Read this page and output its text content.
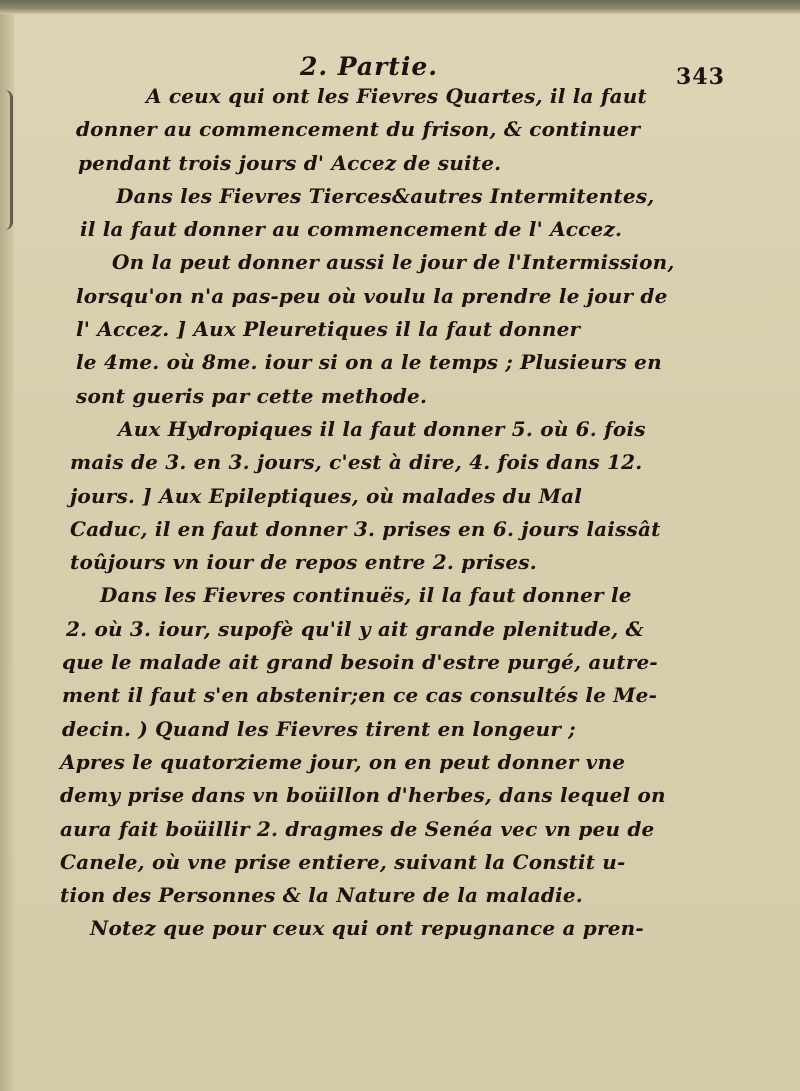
2. Partie.	343
A ceux qui ont les Fievres Quartes, il la faut
donner au commencement du frison, & continuer
pendant trois jours d' Accez de suite.
Dans les Fievres Tierces&autres Intermitentes,
il la faut donner au commencement de l' Accez.
On la peut donner aussi le jour de l'Intermission,
lorsqu'on n'a pas-peu où voulu la prendre le jour de
l' Accez. ] Aux Pleuretiques il la faut donner
le 4me. où 8me. iour si on a le temps ; Plusieurs en
sont gueris par cette methode.
Aux Hydropiques il la faut donner 5. où 6. fois
mais de 3. en 3. jours, c'est à dire, 4. fois dans 12.
jours. ] Aux Epileptiques, où malades du Mal
Caduc, il en faut donner 3. prises en 6. jours laissât
toûjours vn iour de repos entre 2. prises.
Dans les Fievres continuës, il la faut donner le
2. où 3. iour, supofè qu'il y ait grande plenitude, &
que le malade ait grand besoin d'estre purgé, autre-
ment il faut s'en abstenir;en ce cas consultés le Me-
decin. ) Quand les Fievres tirent en longeur ;
Apres le quatorzieme jour, on en peut donner vne
demy prise dans vn boüillon d'herbes, dans lequel on
aura fait boüillir 2. dragmes de Senéa vec vn peu de
Canele, où vne prise entiere, suivant la Constit u-
tion des Personnes & la Nature de la maladie.
Notez que pour ceux qui ont repugnance a pren-
